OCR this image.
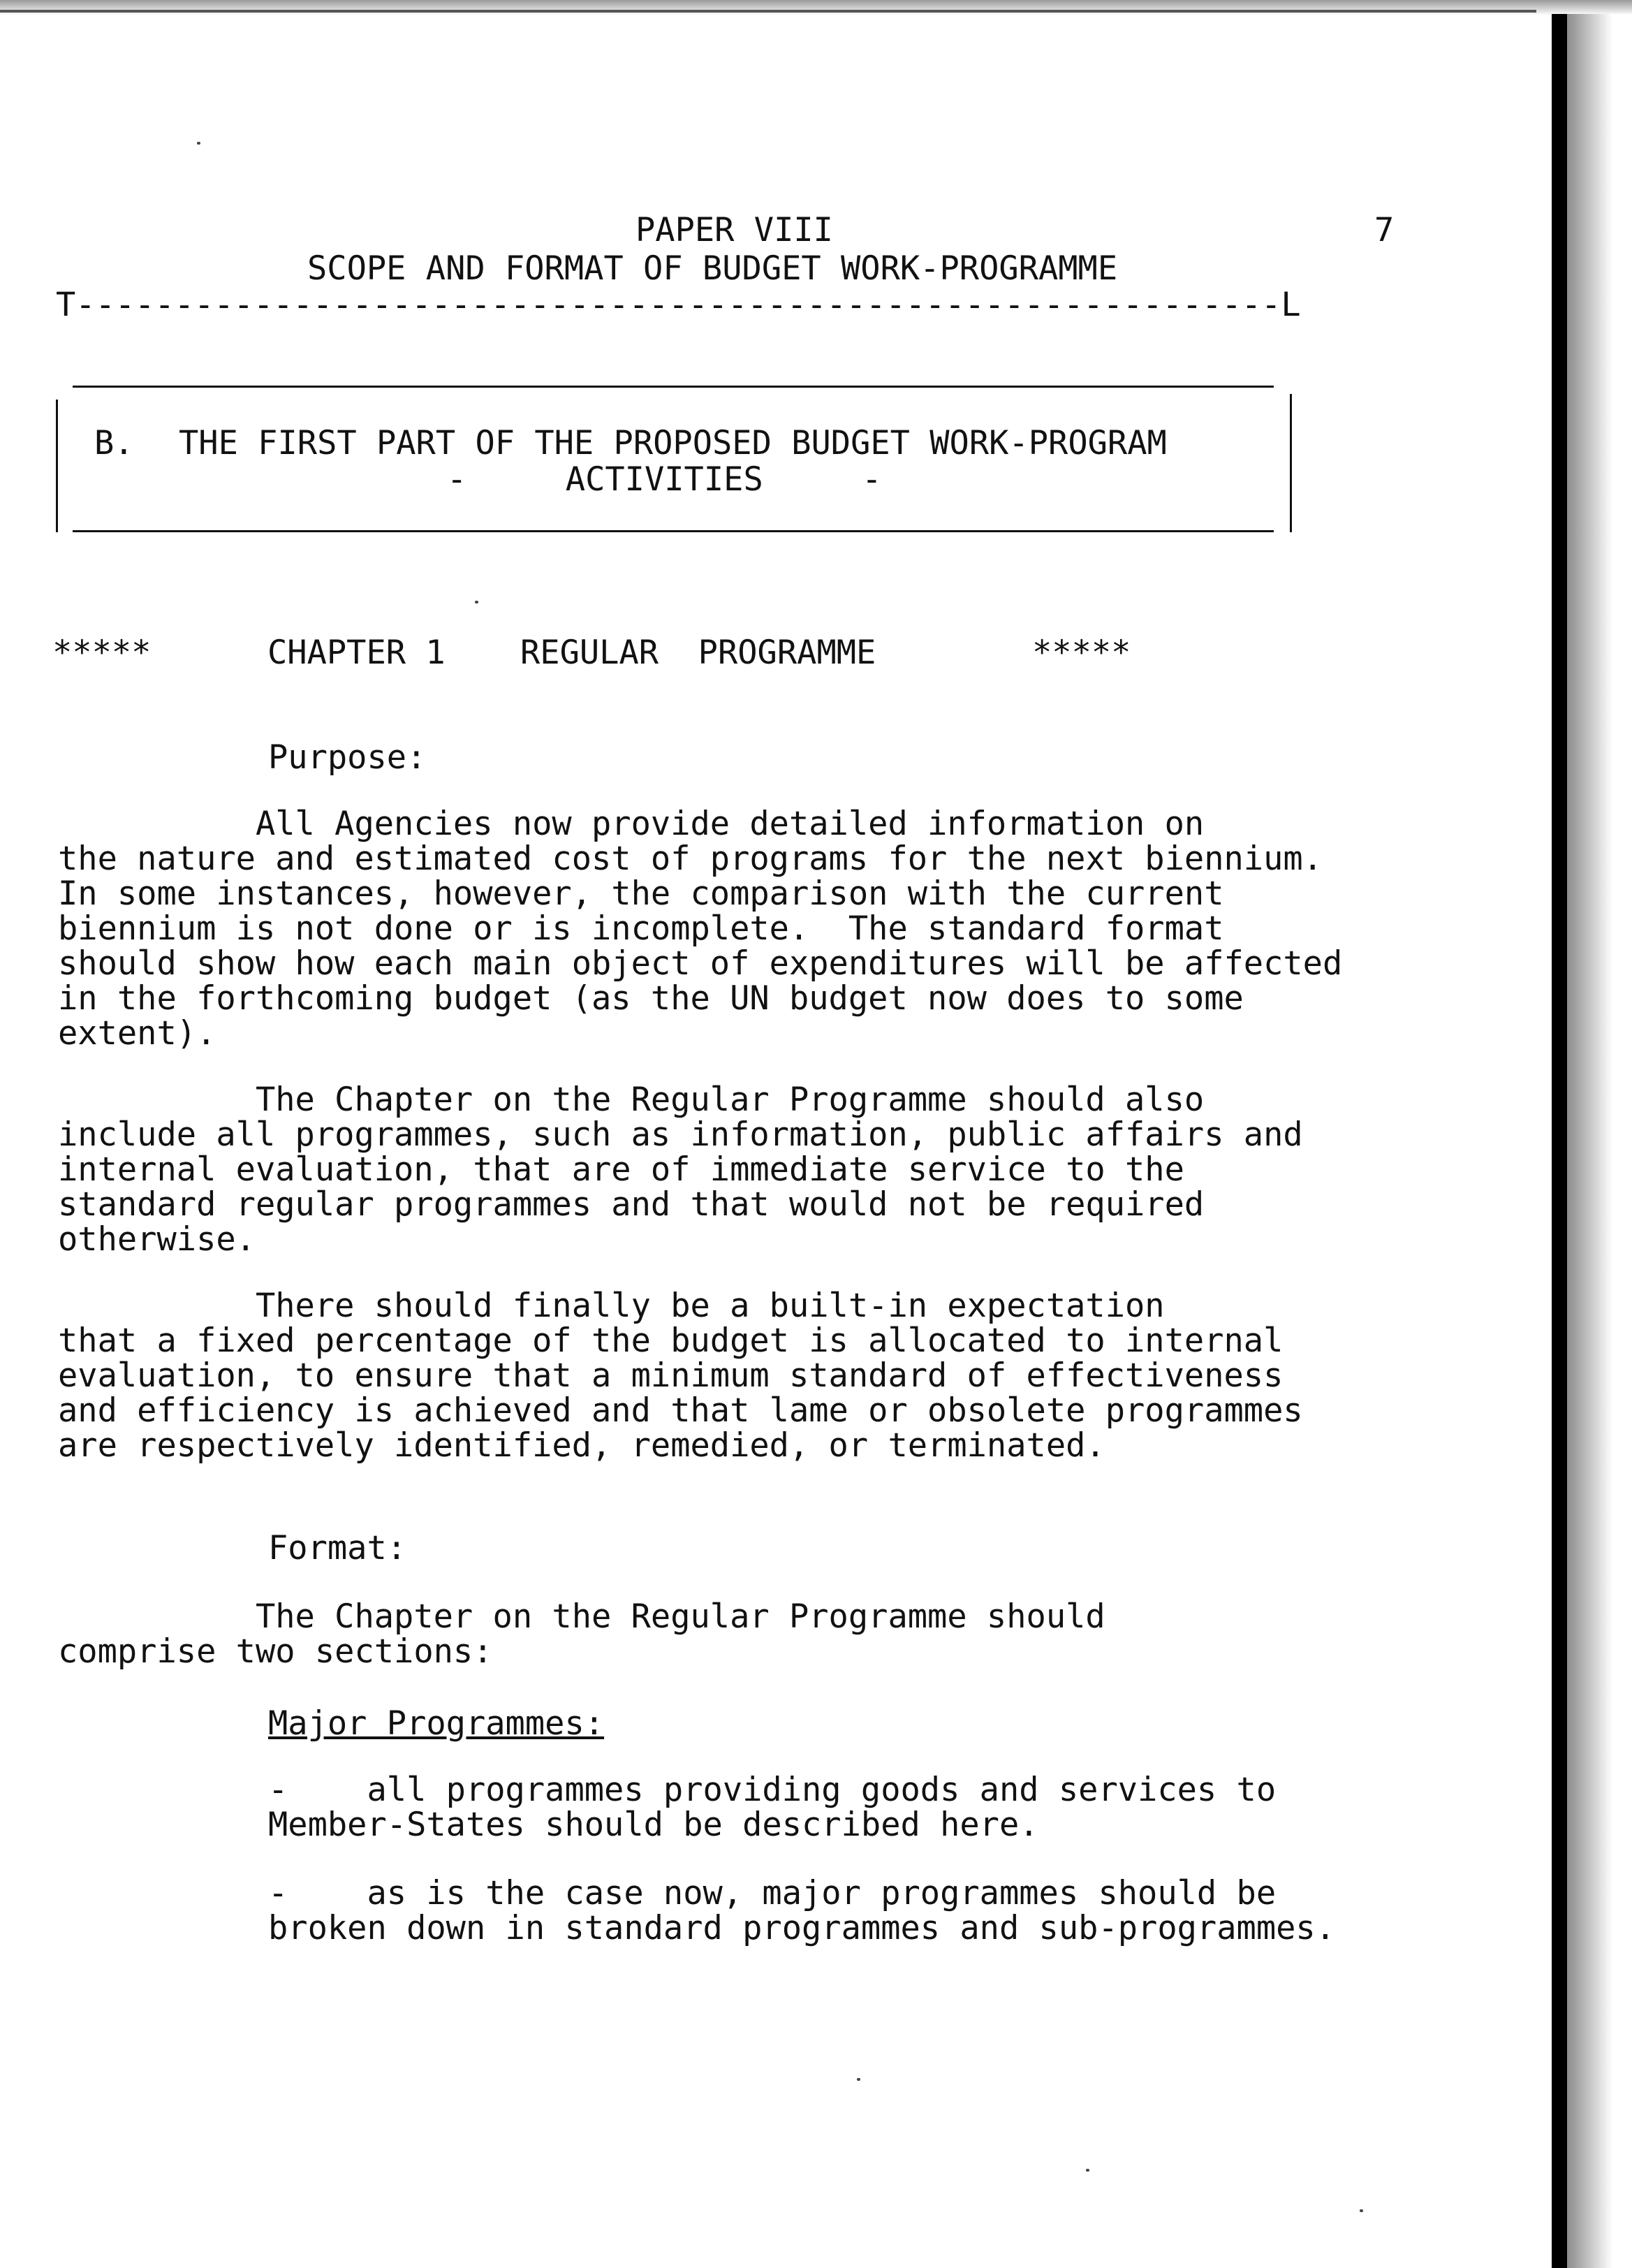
PAPER VIII
SCOPE AND FORMAT OF BUDGET WORK-PROGRAMME
7
T-------------------------------------------------------------L
B. THE FIRST PART OF THE PROPOSED BUDGET WORK-PROGRAM
-     ACTIVITIES     -
*****	CHAPTER 1 REGULAR  PROGRAMME	*****
Purpose:
All Agencies now provide detailed information on
the nature and estimated cost of programs for the next biennium.
In some instances, however, the comparison with the current
biennium is not done or is incomplete.  The standard format
should show how each main object of expenditures will be affected
in the forthcoming budget (as the UN budget now does to some
extent).
The Chapter on the Regular Programme should also
include all programmes, such as information, public affairs and
internal evaluation, that are of immediate service to the
standard regular programmes and that would not be required
otherwise.
There should finally be a built-in expectation
that a fixed percentage of the budget is allocated to internal
evaluation, to ensure that a minimum standard of effectiveness
and efficiency is achieved and that lame or obsolete programmes
are respectively identified, remedied, or terminated.
Format:
The Chapter on the Regular Programme should
comprise two sections:
Major Programmes:
-    all programmes providing goods and services to
Member-States should be described here.
-    as is the case now, major programmes should be
broken down in standard programmes and sub-programmes.
